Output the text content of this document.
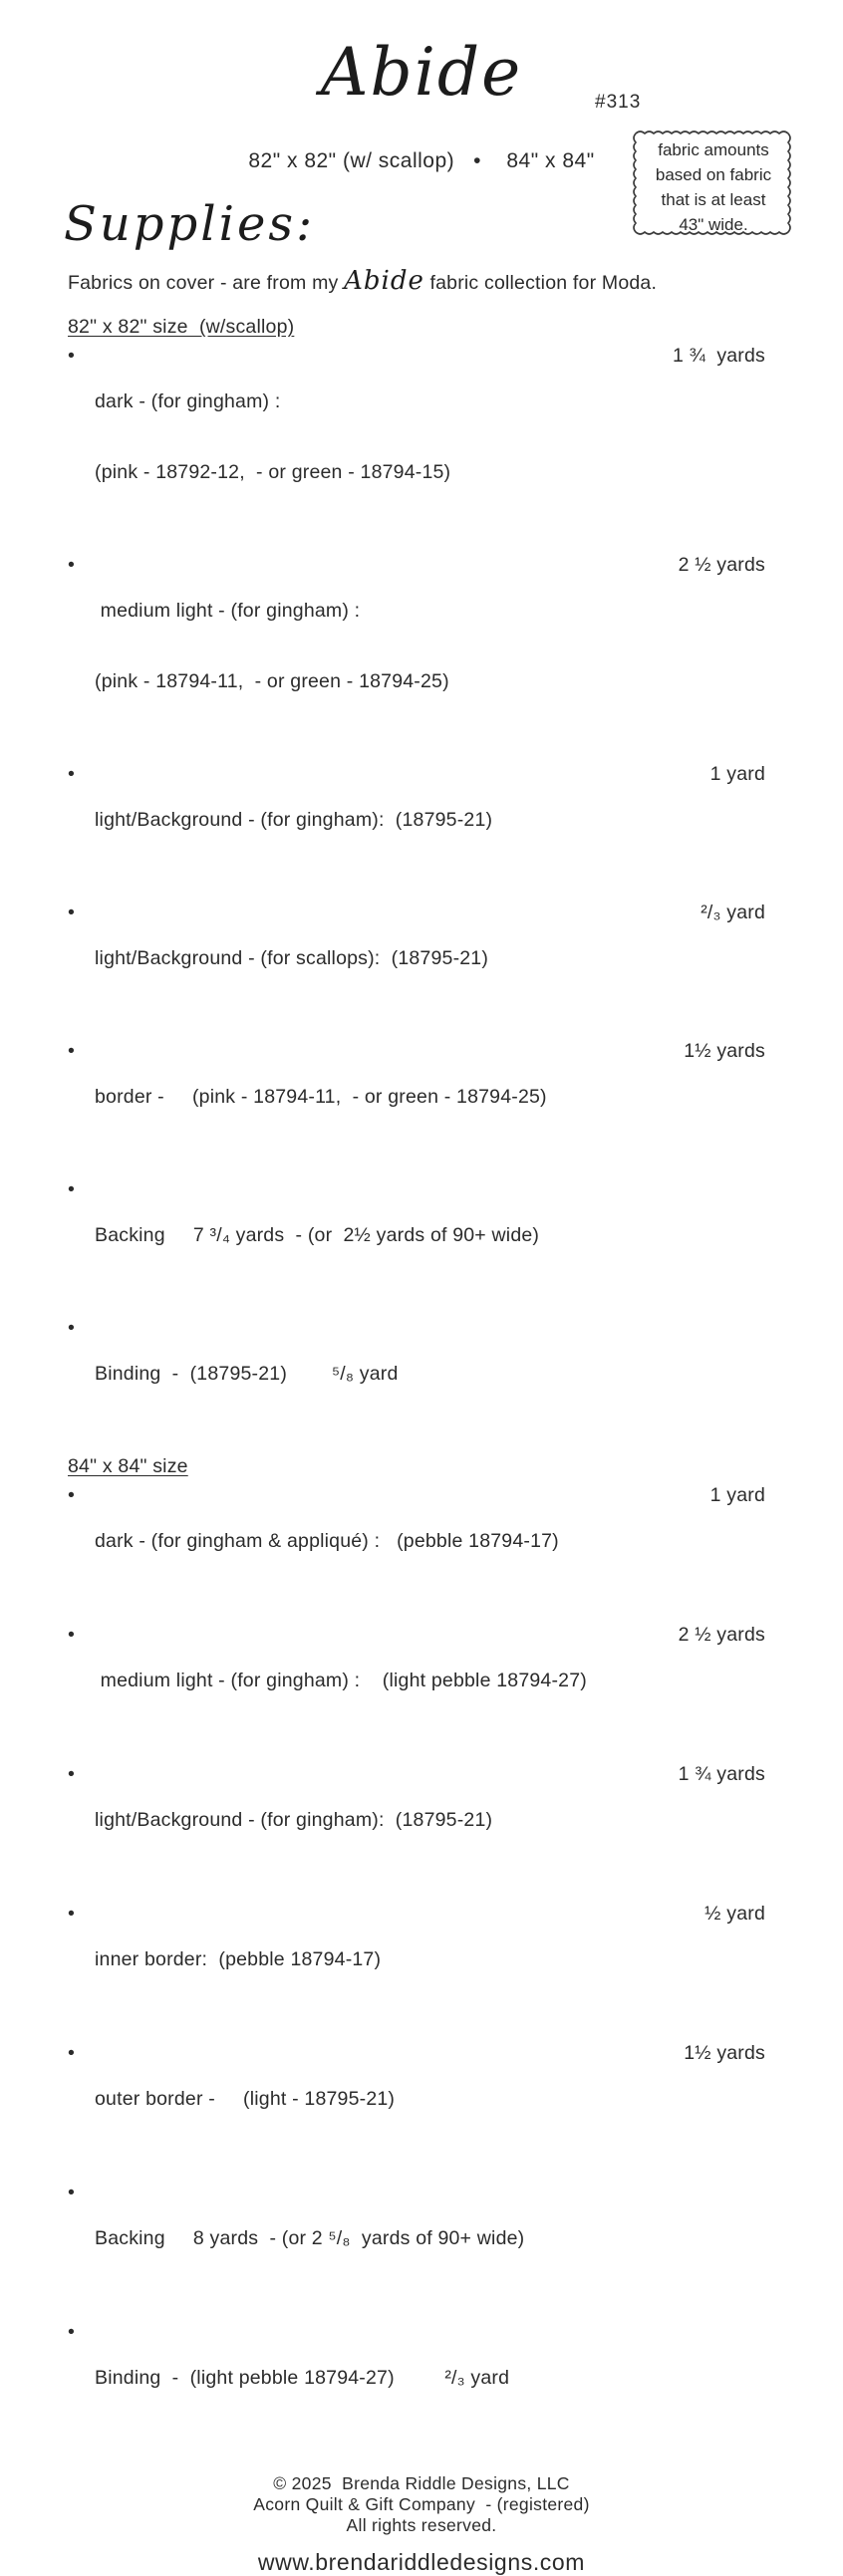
Abide	#313
fabric amounts
based on fabric
that is at least
43" wide.
82" x 82" (w/ scallop)   •    84" x 84"
Supplies:

Fabrics on cover - are from my Abide fabric collection for Moda.

82" x 82" size  (w/scallop)
•

dark - (for gingham) :

(pink - 18792-12,  - or green - 18794-15)

1 ¾  yards
•

medium light - (for gingham) :

(pink - 18794-11,  - or green - 18794-25)

2 ½ yards
•

light/Background - (for gingham):  (18795-21)

1 yard
•

light/Background - (for scallops):  (18795-21)

²/₃ yard
•

border -     (pink - 18794-11,  - or green - 18794-25)

1½ yards
•

Backing     7 ³/₄ yards  - (or  2½ yards of 90+ wide)

•

Binding  -  (18795-21)        ⁵/₈ yard

84" x 84" size
•

dark - (for gingham & appliqué) :   (pebble 18794-17)

1 yard
•

medium light - (for gingham) :    (light pebble 18794-27)

2 ½ yards
•

light/Background - (for gingham):  (18795-21)

1 ¾ yards
•

inner border:  (pebble 18794-17)

½ yard
•

outer border -     (light - 18795-21)

1½ yards
•

Backing     8 yards  - (or 2 ⁵/₈  yards of 90+ wide)

•

Binding  -  (light pebble 18794-27)         ²/₃ yard

© 2025  Brenda Riddle Designs, LLC
Acorn Quilt & Gift Company  - (registered)
All rights reserved.
www.brendariddledesigns.com
